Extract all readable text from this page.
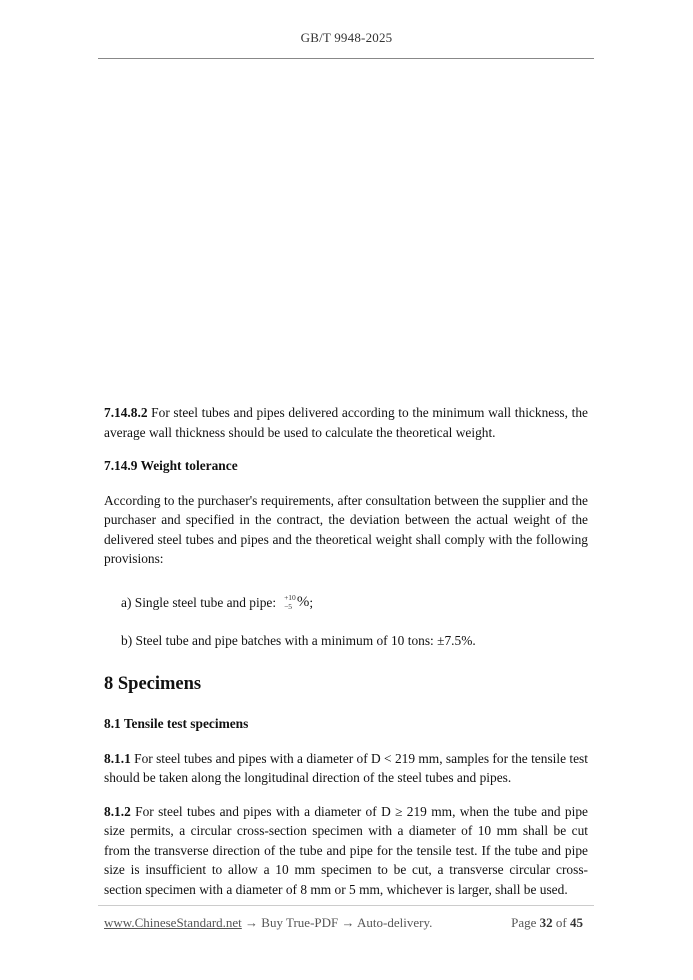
GB/T 9948-2025

7.14.8.2 For steel tubes and pipes delivered according to the minimum wall thickness, the average wall thickness should be used to calculate the theoretical weight.

7.14.9 Weight tolerance

According to the purchaser's requirements, after consultation between the supplier and the purchaser and specified in the contract, the deviation between the actual weight of the delivered steel tubes and pipes and the theoretical weight shall comply with the following provisions:

a) Single steel tube and pipe: +10
−5 % ;
b) Steel tube and pipe batches with a minimum of 10 tons: ±7.5%.
8 Specimens
8.1 Tensile test specimens

8.1.1 For steel tubes and pipes with a diameter of D < 219 mm, samples for the tensile test should be taken along the longitudinal direction of the steel tubes and pipes.

8.1.2 For steel tubes and pipes with a diameter of D ≥ 219 mm, when the tube and pipe size permits, a circular cross-section specimen with a diameter of 10 mm shall be cut from the transverse direction of the tube and pipe for the tensile test. If the tube and pipe size is insufficient to allow a 10 mm specimen to be cut, a transverse circular cross-section specimen with a diameter of 8 mm or 5 mm, whichever is larger, shall be used.

www.ChineseStandard.net → Buy True-PDF → Auto-delivery.	Page 32 of 45
